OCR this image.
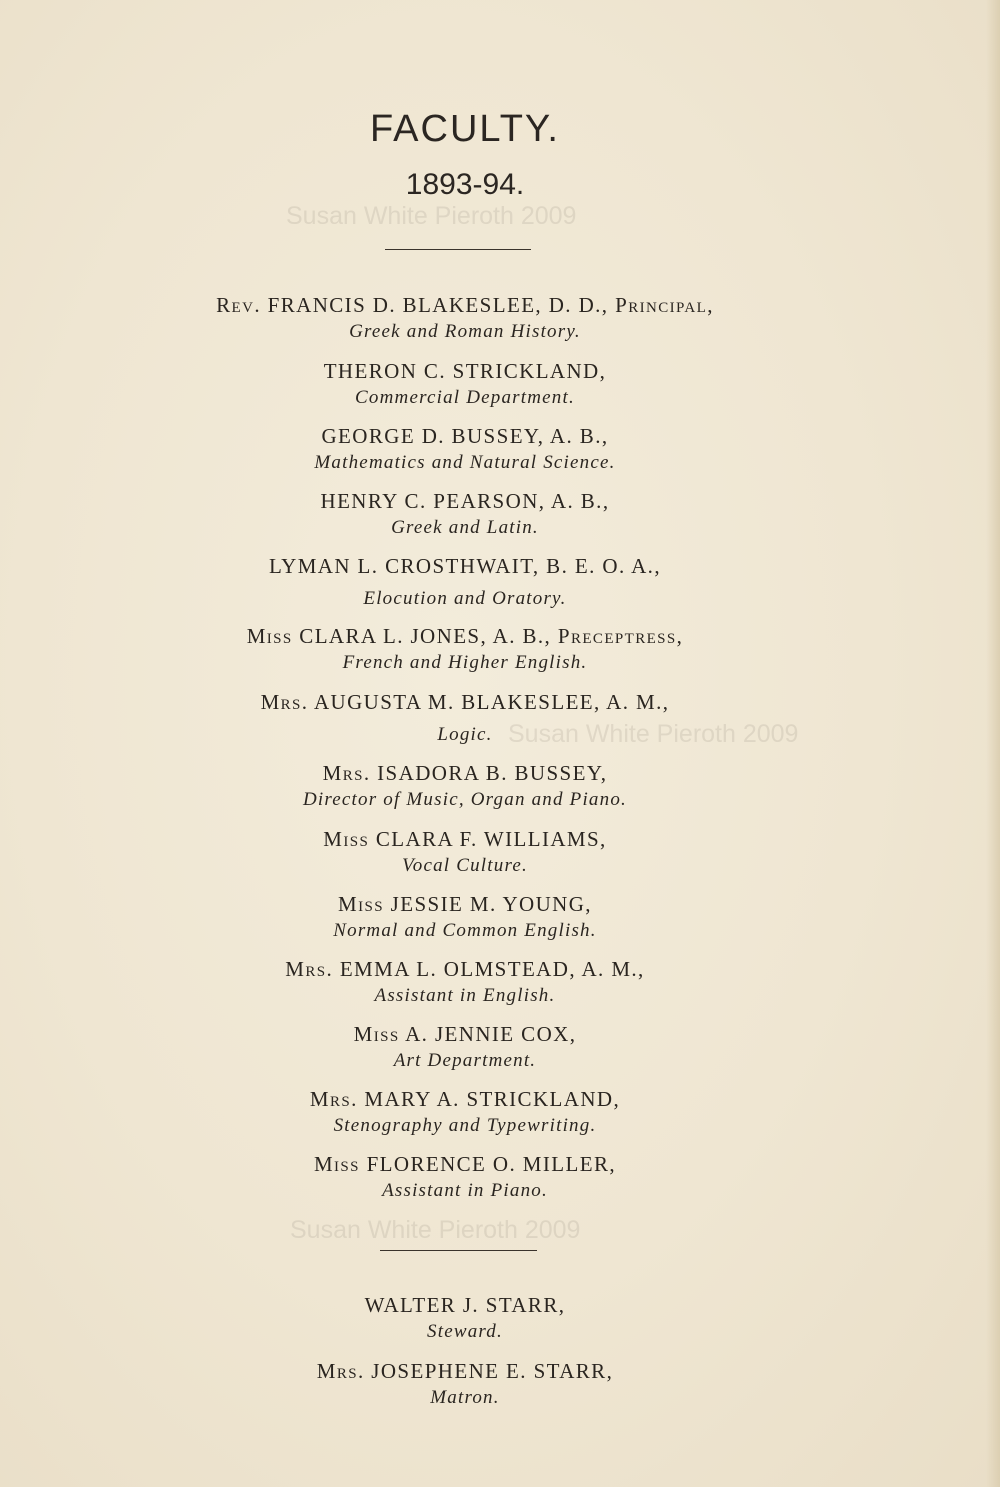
FACULTY.
1893-94.
Susan White Pieroth 2009
Susan White Pieroth 2009
Susan White Pieroth 2009
Rev. FRANCIS D. BLAKESLEE, D. D., Principal,
Greek and Roman History.
THERON C. STRICKLAND,
Commercial Department.
GEORGE D. BUSSEY, A. B.,
Mathematics and Natural Science.
HENRY C. PEARSON, A. B.,
Greek and Latin.
LYMAN L. CROSTHWAIT, B. E. O. A.,
Elocution and Oratory.
Miss CLARA L. JONES, A. B., Preceptress,
French and Higher English.
Mrs. AUGUSTA M. BLAKESLEE, A. M.,
Logic.
Mrs. ISADORA B. BUSSEY,
Director of Music, Organ and Piano.
Miss CLARA F. WILLIAMS,
Vocal Culture.
Miss JESSIE M. YOUNG,
Normal and Common English.
Mrs. EMMA L. OLMSTEAD, A. M.,
Assistant in English.
Miss A. JENNIE COX,
Art Department.
Mrs. MARY A. STRICKLAND,
Stenography and Typewriting.
Miss FLORENCE O. MILLER,
Assistant in Piano.
WALTER J. STARR,
Steward.
Mrs. JOSEPHENE E. STARR,
Matron.
